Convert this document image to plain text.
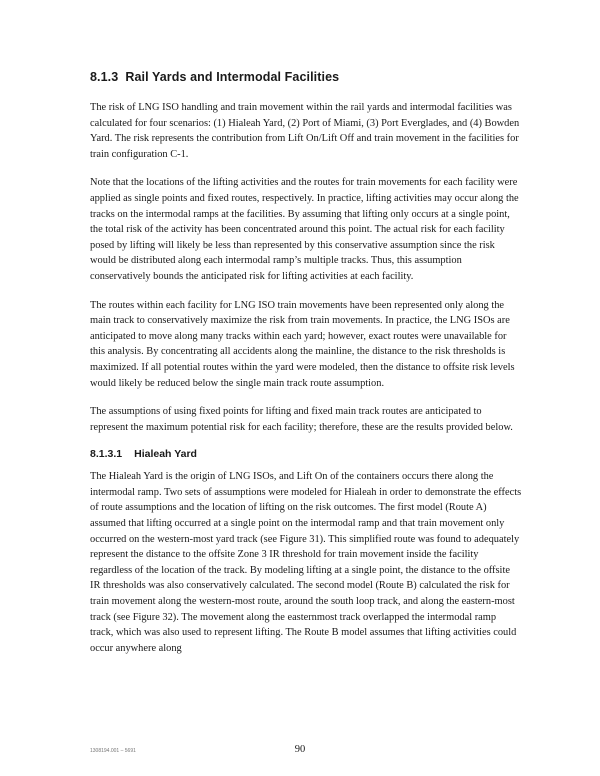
8.1.3 Rail Yards and Intermodal Facilities

The risk of LNG ISO handling and train movement within the rail yards and intermodal facilities was calculated for four scenarios: (1) Hialeah Yard, (2) Port of Miami, (3) Port Everglades, and (4) Bowden Yard. The risk represents the contribution from Lift On/Lift Off and train movement in the facilities for train configuration C-1.

Note that the locations of the lifting activities and the routes for train movements for each facility were applied as single points and fixed routes, respectively. In practice, lifting activities may occur along the tracks on the intermodal ramps at the facilities. By assuming that lifting only occurs at a single point, the total risk of the activity has been concentrated around this point. The actual risk for each facility posed by lifting will likely be less than represented by this conservative assumption since the risk would be distributed along each intermodal ramp’s multiple tracks. Thus, this assumption conservatively bounds the anticipated risk for lifting activities at each facility.

The routes within each facility for LNG ISO train movements have been represented only along the main track to conservatively maximize the risk from train movements. In practice, the LNG ISOs are anticipated to move along many tracks within each yard; however, exact routes were unavailable for this analysis. By concentrating all accidents along the mainline, the distance to the risk thresholds is maximized. If all potential routes within the yard were modeled, then the distance to offsite risk levels would likely be reduced below the single main track route assumption.

The assumptions of using fixed points for lifting and fixed main track routes are anticipated to represent the maximum potential risk for each facility; therefore, these are the results provided below.

8.1.3.1 Hialeah Yard

The Hialeah Yard is the origin of LNG ISOs, and Lift On of the containers occurs there along the intermodal ramp. Two sets of assumptions were modeled for Hialeah in order to demonstrate the effects of route assumptions and the location of lifting on the risk outcomes. The first model (Route A) assumed that lifting occurred at a single point on the intermodal ramp and that train movement only occurred on the western-most yard track (see Figure 31). This simplified route was found to adequately represent the distance to the offsite Zone 3 IR threshold for train movement inside the facility regardless of the location of the track. By modeling lifting at a single point, the distance to the offsite IR thresholds was also conservatively calculated. The second model (Route B) calculated the risk for train movement along the western-most route, around the south loop track, and along the eastern-most track (see Figure 32). The movement along the easternmost track overlapped the intermodal ramp track, which was also used to represent lifting. The Route B model assumes that lifting activities could occur anywhere along

1308194.001 – 5691	90
